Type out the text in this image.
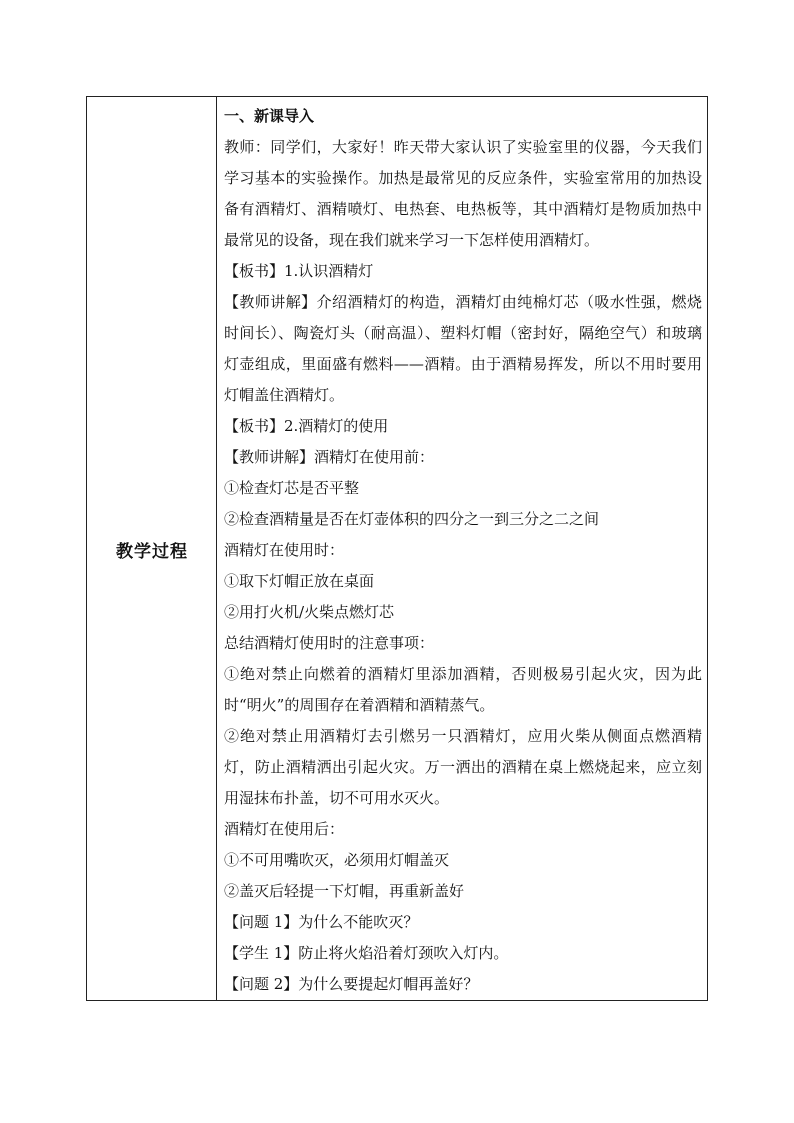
教学过程

一、新课导入

教师：同学们，大家好！昨天带大家认识了实验室里的仪器，今天我们学习基本的实验操作。加热是最常见的反应条件，实验室常用的加热设备有酒精灯、酒精喷灯、电热套、电热板等，其中酒精灯是物质加热中最常见的设备，现在我们就来学习一下怎样使用酒精灯。

【板书】1.认识酒精灯

【教师讲解】介绍酒精灯的构造，酒精灯由纯棉灯芯（吸水性强，燃烧时间长）、陶瓷灯头（耐高温）、塑料灯帽（密封好，隔绝空气）和玻璃灯壶组成，里面盛有燃料——酒精。由于酒精易挥发，所以不用时要用灯帽盖住酒精灯。

【板书】2.酒精灯的使用

【教师讲解】酒精灯在使用前：

①检查灯芯是否平整

②检查酒精量是否在灯壶体积的四分之一到三分之二之间

酒精灯在使用时：

①取下灯帽正放在桌面

②用打火机/火柴点燃灯芯

总结酒精灯使用时的注意事项：

①绝对禁止向燃着的酒精灯里添加酒精，否则极易引起火灾，因为此时“明火”的周围存在着酒精和酒精蒸气。

②绝对禁止用酒精灯去引燃另一只酒精灯，应用火柴从侧面点燃酒精灯，防止酒精洒出引起火灾。万一洒出的酒精在桌上燃烧起来，应立刻用湿抹布扑盖，切不可用水灭火。

酒精灯在使用后：

①不可用嘴吹灭，必须用灯帽盖灭

②盖灭后轻提一下灯帽，再重新盖好

【问题 1】为什么不能吹灭？

【学生 1】防止将火焰沿着灯颈吹入灯内。

【问题 2】为什么要提起灯帽再盖好？
